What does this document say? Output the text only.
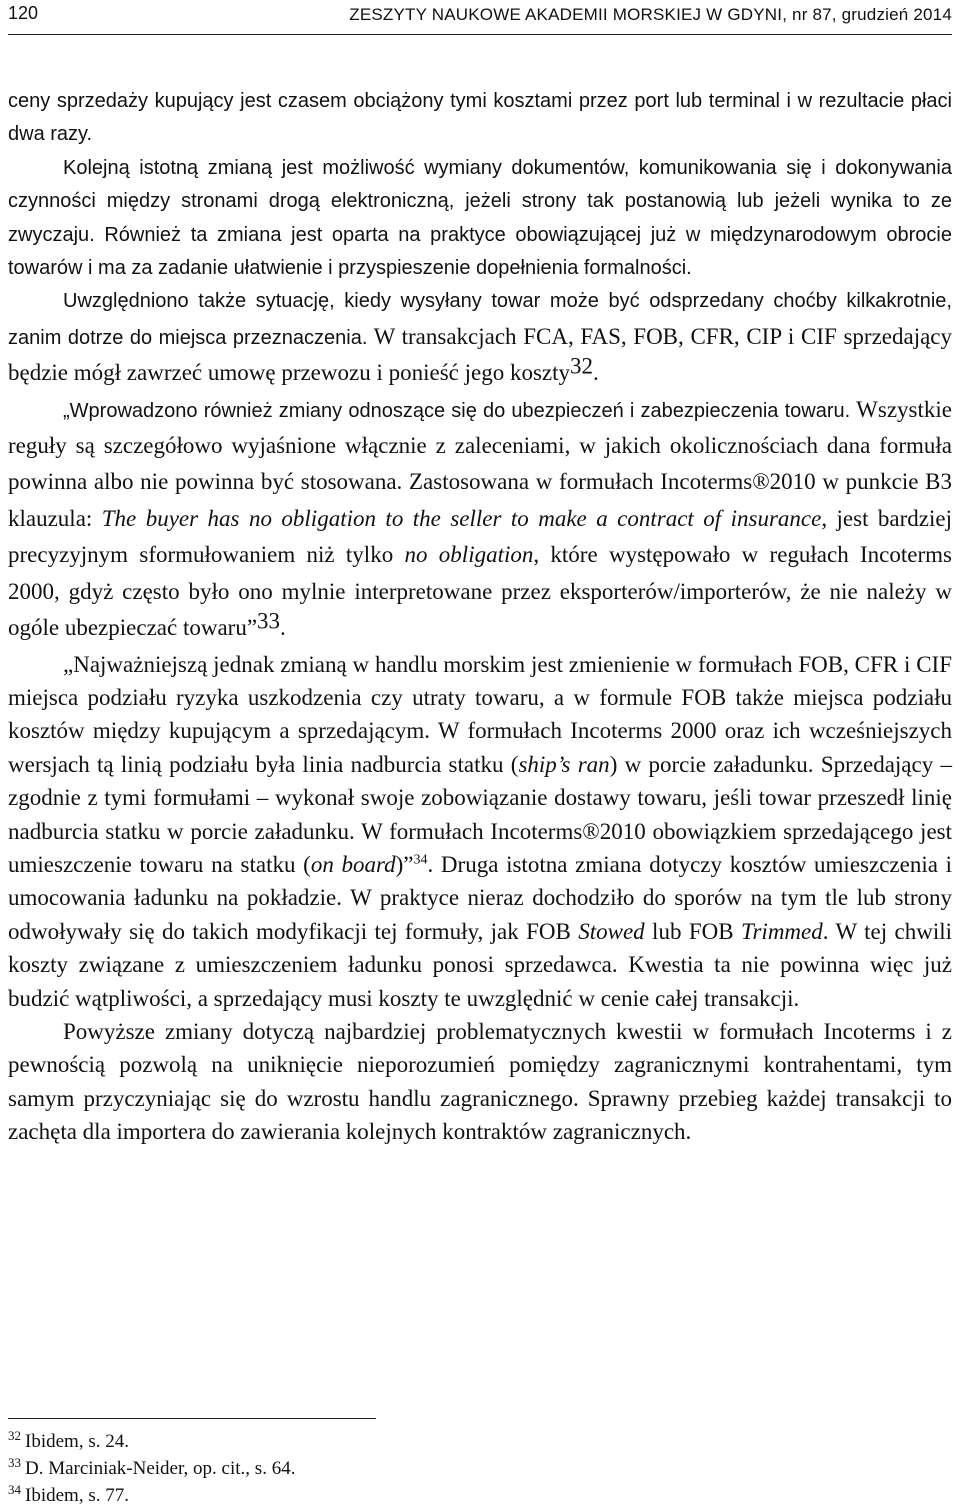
120	ZESZYTY NAUKOWE AKADEMII MORSKIEJ W GDYNI, nr 87, grudzień 2014

ceny sprzedaży kupujący jest czasem obciążony tymi kosztami przez port lub terminal i w rezultacie płaci dwa razy.

Kolejną istotną zmianą jest możliwość wymiany dokumentów, komunikowania się i dokonywania czynności między stronami drogą elektroniczną, jeżeli strony tak postanowią lub jeżeli wynika to ze zwyczaju. Również ta zmiana jest oparta na praktyce obowiązującej już w międzynarodowym obrocie towarów i ma za zadanie ułatwienie i przyspieszenie dopełnienia formalności.

Uwzględniono także sytuację, kiedy wysyłany towar może być odsprzedany choćby kilkakrotnie, zanim dotrze do miejsca przeznaczenia. W transakcjach FCA, FAS, FOB, CFR, CIP i CIF sprzedający będzie mógł zawrzeć umowę przewozu i ponieść jego koszty$^{32}$.

„Wprowadzono również zmiany odnoszące się do ubezpieczeń i zabezpieczenia towaru. Wszystkie reguły są szczegółowo wyjaśnione włącznie z zaleceniami, w jakich okolicznościach dana formuła powinna albo nie powinna być stosowana. Zastosowana w formułach Incoterms®2010 w punkcie B3 klauzula: The buyer has no obligation to the seller to make a contract of insurance, jest bardziej precyzyjnym sformułowaniem niż tylko no obligation, które występowało w regułach Incoterms 2000, gdyż często było ono mylnie interpretowane przez eksporterów/importerów, że nie należy w ogóle ubezpieczać towaru”$^{33}$.

„Najważniejszą jednak zmianą w handlu morskim jest zmienienie w formułach FOB, CFR i CIF miejsca podziału ryzyka uszkodzenia czy utraty towaru, a w formule FOB także miejsca podziału kosztów między kupującym a sprzedającym. W formułach Incoterms 2000 oraz ich wcześniejszych wersjach tą linią podziału była linia nadburcia statku (ship’s ran) w porcie załadunku. Sprzedający – zgodnie z tymi formułami – wykonał swoje zobowiązanie dostawy towaru, jeśli towar przeszedł linię nadburcia statku w porcie załadunku. W formułach Incoterms®2010 obowiązkiem sprzedającego jest umieszczenie towaru na statku (on board)”$^{34}$. Druga istotna zmiana dotyczy kosztów umieszczenia i umocowania ładunku na pokładzie. W praktyce nieraz dochodziło do sporów na tym tle lub strony odwoływały się do takich modyfikacji tej formuły, jak FOB Stowed lub FOB Trimmed. W tej chwili koszty związane z umieszczeniem ładunku ponosi sprzedawca. Kwestia ta nie powinna więc już budzić wątpliwości, a sprzedający musi koszty te uwzględnić w cenie całej transakcji.

Powyższe zmiany dotyczą najbardziej problematycznych kwestii w formułach Incoterms i z pewnością pozwolą na uniknięcie nieporozumień pomiędzy zagranicznymi kontrahentami, tym samym przyczyniając się do wzrostu handlu zagranicznego. Sprawny przebieg każdej transakcji to zachęta dla importera do zawierania kolejnych kontraktów zagranicznych.

$^{32}$ Ibidem, s. 24.
$^{33}$ D. Marciniak-Neider, op. cit., s. 64.
$^{34}$ Ibidem, s. 77.
